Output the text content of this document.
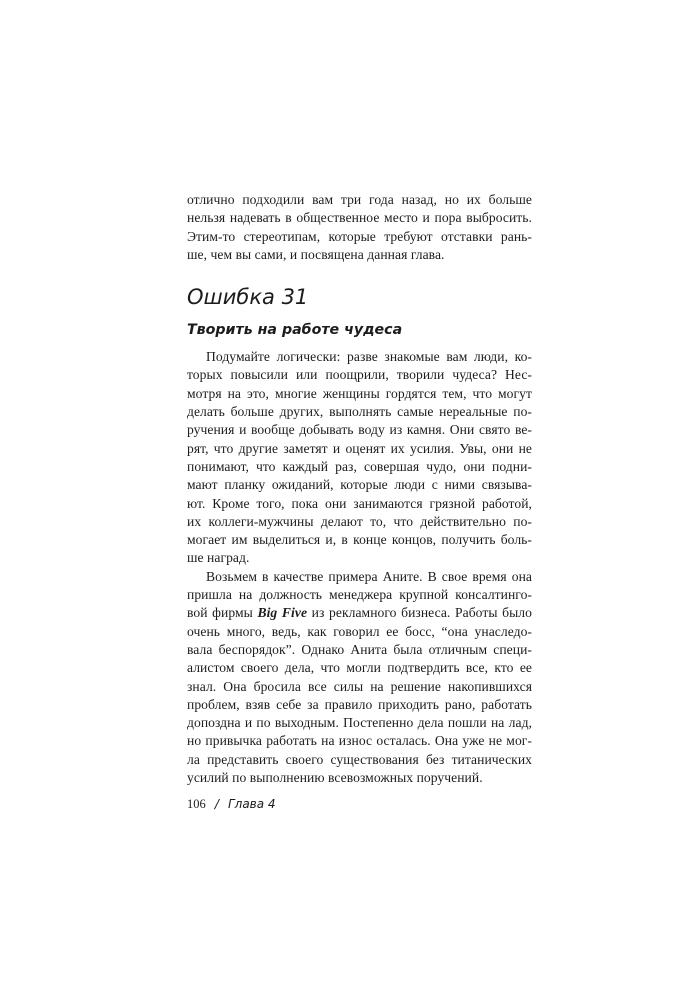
отлично подходили вам три года назад, но их больше
нельзя надевать в общественное место и пора выбросить.
Этим-то стереотипам, которые требуют отставки рань-
ше, чем вы сами, и посвящена данная глава.
Ошибка 31
Творить на работе чудеса
Подумайте логически: разве знакомые вам люди, ко-
торых повысили или поощрили, творили чудеса? Нес-
мотря на это, многие женщины гордятся тем, что могут
делать больше других, выполнять самые нереальные по-
ручения и вообще добывать воду из камня. Они свято ве-
рят, что другие заметят и оценят их усилия. Увы, они не
понимают, что каждый раз, совершая чудо, они подни-
мают планку ожиданий, которые люди с ними связыва-
ют. Кроме того, пока они занимаются грязной работой,
их коллеги-мужчины делают то, что действительно по-
могает им выделиться и, в конце концов, получить боль-
ше наград.
Возьмем в качестве примера Аните. В свое время она
пришла на должность менеджера крупной консалтинго-
вой фирмы Big Five из рекламного бизнеса. Работы было
очень много, ведь, как говорил ее босс, “она унаследо-
вала беспорядок”. Однако Анита была отличным специ-
алистом своего дела, что могли подтвердить все, кто ее
знал. Она бросила все силы на решение накопившихся
проблем, взяв себе за правило приходить рано, работать
допоздна и по выходным. Постепенно дела пошли на лад,
но привычка работать на износ осталась. Она уже не мог-
ла представить своего существования без титанических
усилий по выполнению всевозможных поручений.
106 / Глава 4
